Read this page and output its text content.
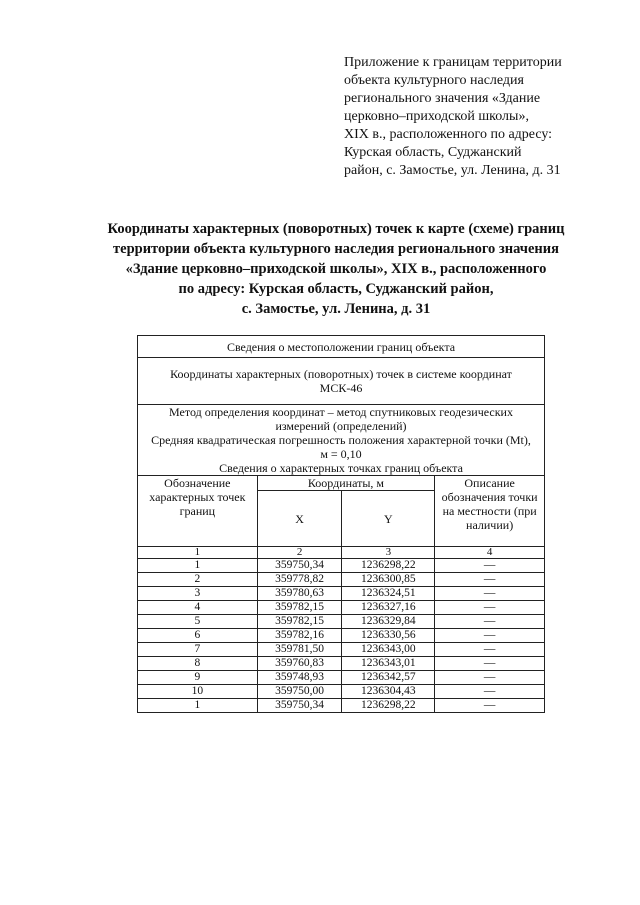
Приложение к границам территории
объекта культурного наследия
регионального значения «Здание
церковно–приходской школы»,
XIX в., расположенного по адресу:
Курская область, Суджанский
район, с. Замостье, ул. Ленина, д. 31
Координаты характерных (поворотных) точек к карте (схеме) границ
территории объекта культурного наследия регионального значения
«Здание церковно–приходской школы», XIX в., расположенного
по адресу: Курская область, Суджанский район,
с. Замостье, ул. Ленина, д. 31
Сведения о местоположении границ объекта			
Координаты характерных (поворотных) точек в системе координат МСК-46			

Метод определения координат – метод спутниковых геодезических измерений (определений)
Средняя квадратическая погрешность положения характерной точки (Mt), м = 0,10
Сведения о характерных точках границ объекта			

Обозначение характерных точек границ	Координаты, м		Описание обозначения точки на местности (при наличии)
	X	Y	
1	2	3	4
1	359750,34	1236298,22	—
2	359778,82	1236300,85	—
3	359780,63	1236324,51	—
4	359782,15	1236327,16	—
5	359782,15	1236329,84	—
6	359782,16	1236330,56	—
7	359781,50	1236343,00	—
8	359760,83	1236343,01	—
9	359748,93	1236342,57	—
10	359750,00	1236304,43	—
1	359750,34	1236298,22	—
